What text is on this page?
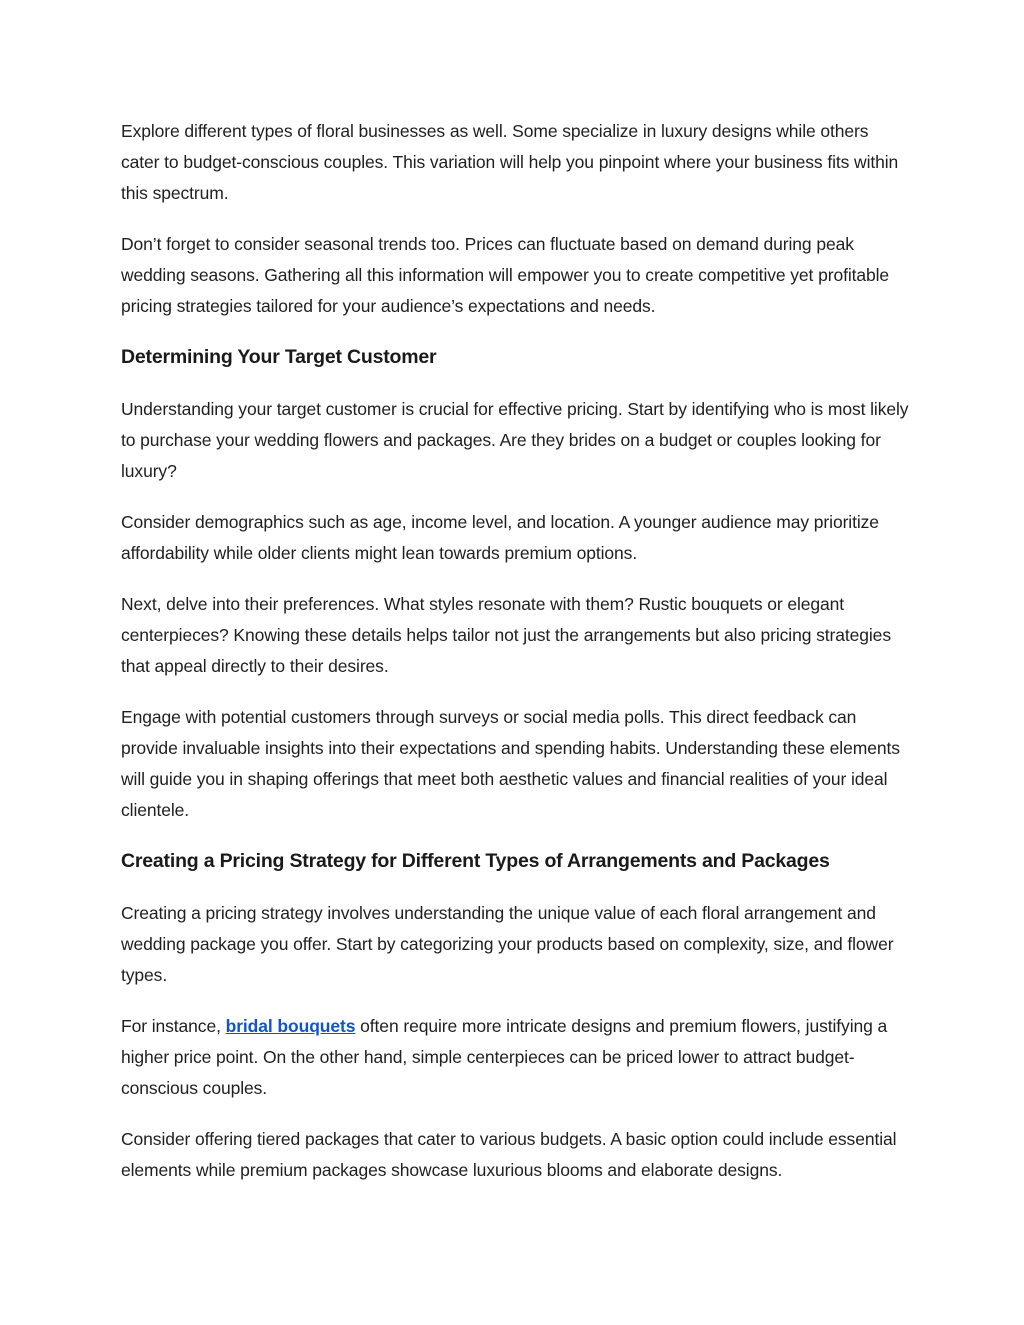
Explore different types of floral businesses as well. Some specialize in luxury designs while others cater to budget-conscious couples. This variation will help you pinpoint where your business fits within this spectrum.

Don’t forget to consider seasonal trends too. Prices can fluctuate based on demand during peak wedding seasons. Gathering all this information will empower you to create competitive yet profitable pricing strategies tailored for your audience’s expectations and needs.

Determining Your Target Customer

Understanding your target customer is crucial for effective pricing. Start by identifying who is most likely to purchase your wedding flowers and packages. Are they brides on a budget or couples looking for luxury?

Consider demographics such as age, income level, and location. A younger audience may prioritize affordability while older clients might lean towards premium options.

Next, delve into their preferences. What styles resonate with them? Rustic bouquets or elegant centerpieces? Knowing these details helps tailor not just the arrangements but also pricing strategies that appeal directly to their desires.

Engage with potential customers through surveys or social media polls. This direct feedback can provide invaluable insights into their expectations and spending habits. Understanding these elements will guide you in shaping offerings that meet both aesthetic values and financial realities of your ideal clientele.

Creating a Pricing Strategy for Different Types of Arrangements and Packages

Creating a pricing strategy involves understanding the unique value of each floral arrangement and wedding package you offer. Start by categorizing your products based on complexity, size, and flower types.

For instance, bridal bouquets often require more intricate designs and premium flowers, justifying a higher price point. On the other hand, simple centerpieces can be priced lower to attract budget-conscious couples.

Consider offering tiered packages that cater to various budgets. A basic option could include essential elements while premium packages showcase luxurious blooms and elaborate designs.
